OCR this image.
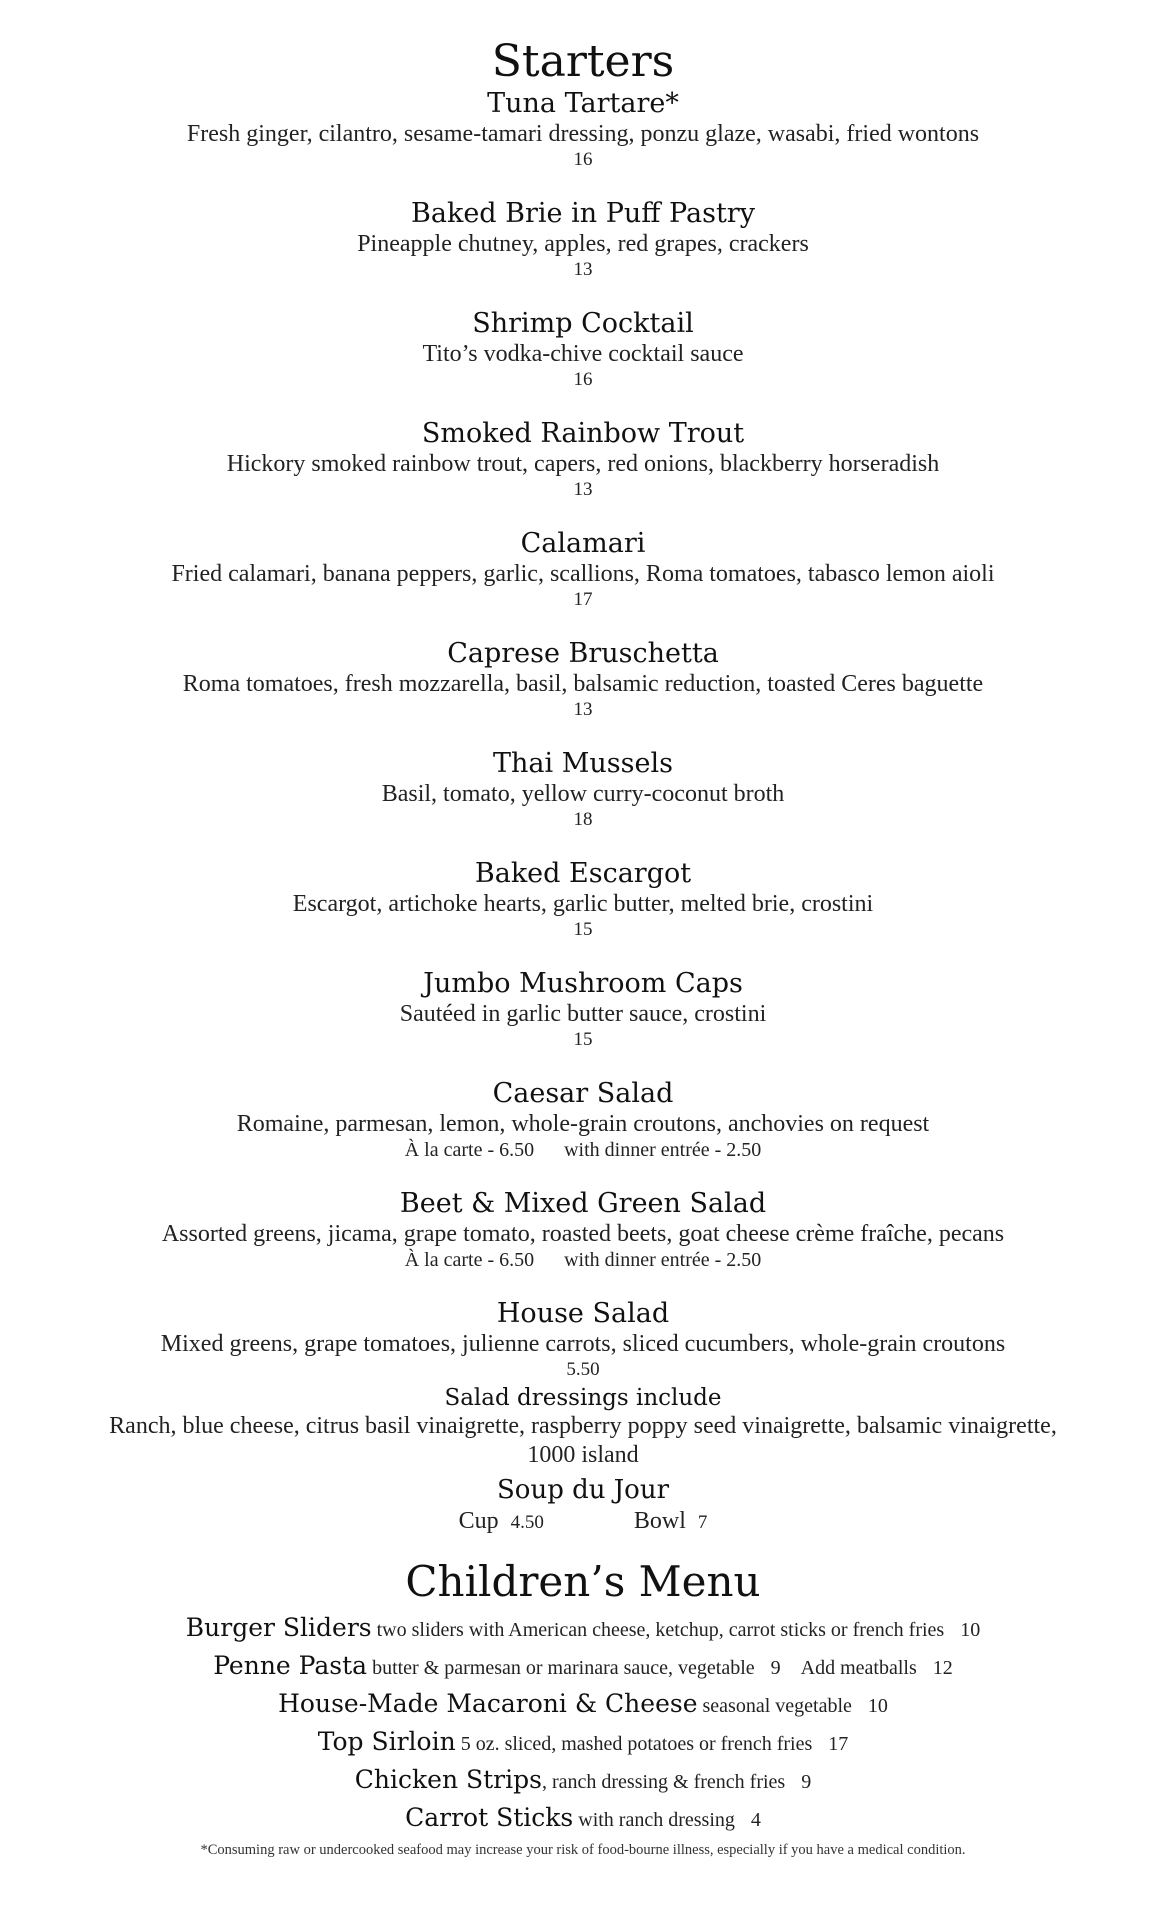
Starters
Tuna Tartare*
Fresh ginger, cilantro, sesame-tamari dressing, ponzu glaze, wasabi, fried wontons
16
Baked Brie in Puff Pastry
Pineapple chutney, apples, red grapes, crackers
13
Shrimp Cocktail
Tito’s vodka-chive cocktail sauce
16
Smoked Rainbow Trout
Hickory smoked rainbow trout, capers, red onions, blackberry horseradish
13
Calamari
Fried calamari, banana peppers, garlic, scallions, Roma tomatoes, tabasco lemon aioli
17
Caprese Bruschetta
Roma tomatoes, fresh mozzarella, basil, balsamic reduction, toasted Ceres baguette
13
Thai Mussels
Basil, tomato, yellow curry-coconut broth
18
Baked Escargot
Escargot, artichoke hearts, garlic butter, melted brie, crostini
15
Jumbo Mushroom Caps
Sautéed in garlic butter sauce, crostini
15
Caesar Salad
Romaine, parmesan, lemon, whole-grain croutons, anchovies on request
À la carte - 6.50 with dinner entrée - 2.50
Beet & Mixed Green Salad
Assorted greens, jicama, grape tomato, roasted beets, goat cheese crème fraîche, pecans
À la carte - 6.50 with dinner entrée - 2.50
House Salad
Mixed greens, grape tomatoes, julienne carrots, sliced cucumbers, whole-grain croutons
5.50
Salad dressings include
Ranch, blue cheese, citrus basil vinaigrette, raspberry poppy seed vinaigrette, balsamic vinaigrette, 1000 island
Soup du Jour
Cup 4.50	Bowl 7
Children’s Menu
Burger Sliders two sliders with American cheese, ketchup, carrot sticks or french fries 10
Penne Pasta butter & parmesan or marinara sauce, vegetable 9 Add meatballs 12
House-Made Macaroni & Cheese seasonal vegetable 10
Top Sirloin 5 oz. sliced, mashed potatoes or french fries 17
Chicken Strips, ranch dressing & french fries 9
Carrot Sticks with ranch dressing 4
*Consuming raw or undercooked seafood may increase your risk of food-bourne illness, especially if you have a medical condition.
